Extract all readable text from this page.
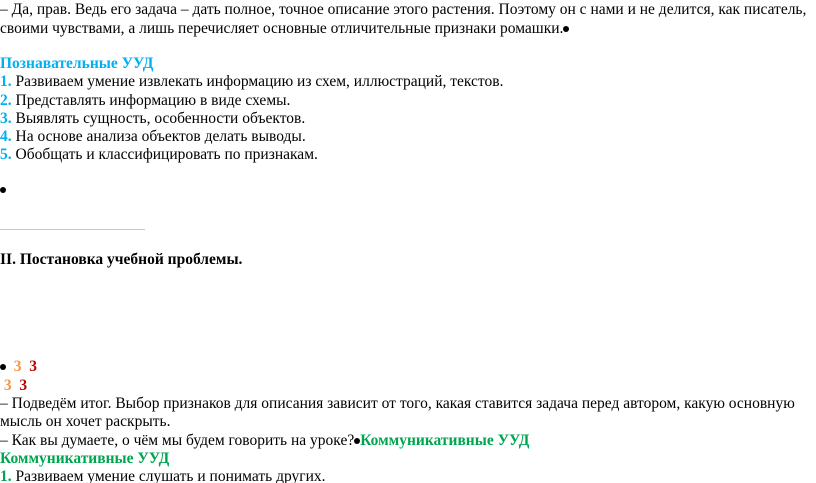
– Да, прав. Ведь его задача – дать полное, точное описание этого растения. Поэтому он с нами и не делится, как писатель,
своими чувствами, а лишь перечисляет основные отличительные признаки ромашки.
Познавательные УУД
1. Развиваем умение извлекать информацию из схем, иллюстраций, текстов.
2. Представлять информацию в виде схемы.
3. Выявлять сущность, особенности объектов.
4. На основе анализа объектов делать выводы.
5. Обобщать и классифицировать по признакам.
II. Постановка учебной проблемы.
3 3
3 3
– Подведём итог. Выбор признаков для описания зависит от того, какая ставится задача перед автором, какую основную
мысль он хочет раскрыть.
– Как вы думаете, о чём мы будем говорить на уроке? Коммуникативные УУД
Коммуникативные УУД
1. Развиваем умение слушать и понимать других.
